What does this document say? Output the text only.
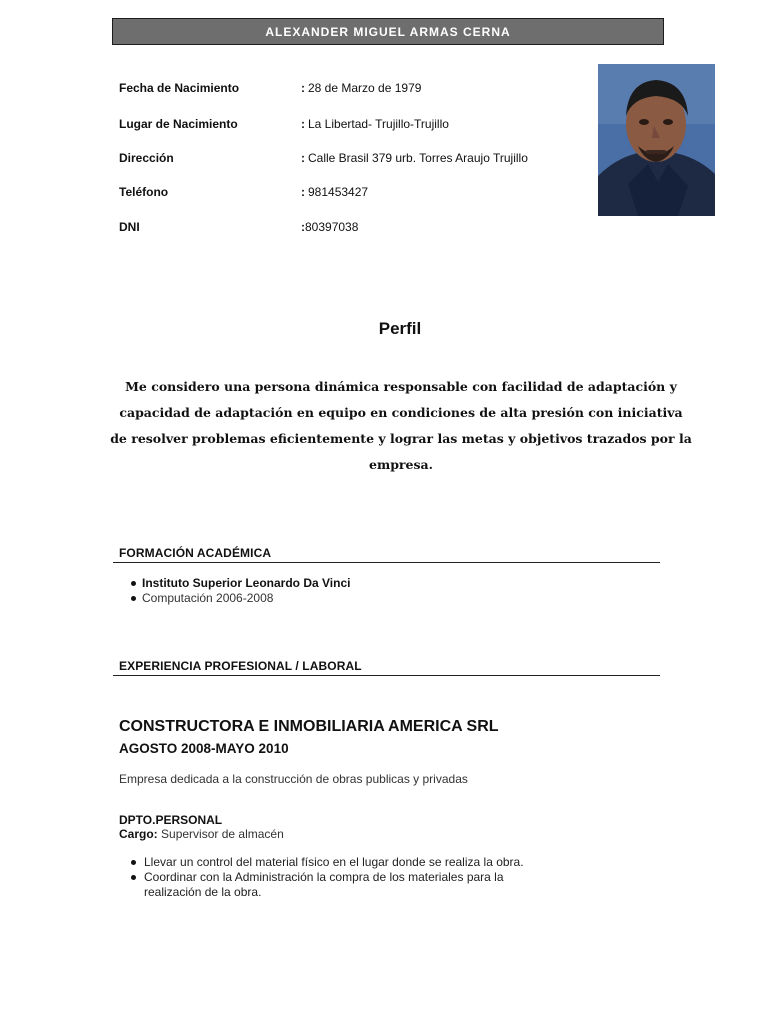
ALEXANDER MIGUEL ARMAS CERNA
Fecha de Nacimiento	: 28 de Marzo de 1979
Lugar de Nacimiento	: La Libertad- Trujillo-Trujillo
Dirección	: Calle Brasil 379 urb. Torres Araujo Trujillo
Teléfono	: 981453427
DNI	:80397038
Perfil
Me considero una persona dinámica responsable con facilidad de adaptación y capacidad de adaptación en equipo en condiciones de alta presión con iniciativa de resolver problemas eficientemente y lograr las metas y objetivos trazados por la empresa.
FORMACIÓN ACADÉMICA
Instituto Superior Leonardo Da Vinci
Computación 2006-2008
EXPERIENCIA PROFESIONAL / LABORAL
CONSTRUCTORA E INMOBILIARIA AMERICA SRL
AGOSTO 2008-MAYO 2010
Empresa dedicada a la construcción de obras publicas y privadas
DPTO.PERSONAL
Cargo: Supervisor de almacén
Llevar un control del material físico en el lugar donde se realiza la obra.
Coordinar con la Administración la compra de los materiales para la realización de la obra.
